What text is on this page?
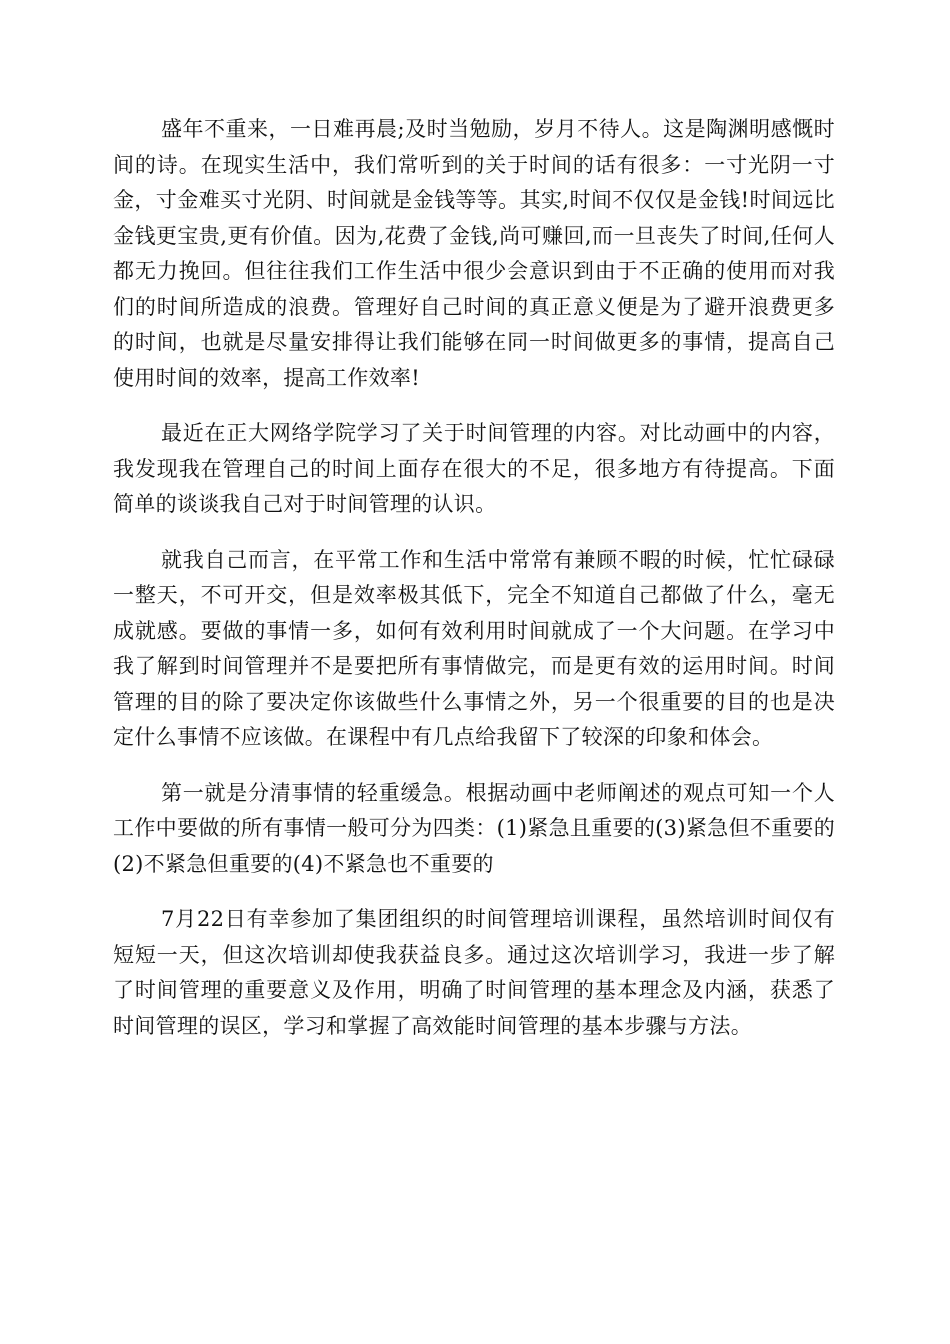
盛年不重来，一日难再晨;及时当勉励，岁月不待人。这是陶渊明感慨时间的诗。在现实生活中，我们常听到的关于时间的话有很多：一寸光阴一寸金，寸金难买寸光阴、时间就是金钱等等。其实,时间不仅仅是金钱!时间远比金钱更宝贵,更有价值。因为,花费了金钱,尚可赚回,而一旦丧失了时间,任何人都无力挽回。但往往我们工作生活中很少会意识到由于不正确的使用而对我们的时间所造成的浪费。管理好自己时间的真正意义便是为了避开浪费更多的时间，也就是尽量安排得让我们能够在同一时间做更多的事情，提高自己使用时间的效率，提高工作效率!

最近在正大网络学院学习了关于时间管理的内容。对比动画中的内容，我发现我在管理自己的时间上面存在很大的不足，很多地方有待提高。下面简单的谈谈我自己对于时间管理的认识。

就我自己而言，在平常工作和生活中常常有兼顾不暇的时候，忙忙碌碌一整天，不可开交，但是效率极其低下，完全不知道自己都做了什么，毫无成就感。要做的事情一多，如何有效利用时间就成了一个大问题。在学习中我了解到时间管理并不是要把所有事情做完，而是更有效的运用时间。时间管理的目的除了要决定你该做些什么事情之外，另一个很重要的目的也是决定什么事情不应该做。在课程中有几点给我留下了较深的印象和体会。

第一就是分清事情的轻重缓急。根据动画中老师阐述的观点可知一个人工作中要做的所有事情一般可分为四类：(1)紧急且重要的(3)紧急但不重要的(2)不紧急但重要的(4)不紧急也不重要的

7月22日有幸参加了集团组织的时间管理培训课程，虽然培训时间仅有短短一天，但这次培训却使我获益良多。通过这次培训学习，我进一步了解了时间管理的重要意义及作用，明确了时间管理的基本理念及内涵，获悉了时间管理的误区，学习和掌握了高效能时间管理的基本步骤与方法。
